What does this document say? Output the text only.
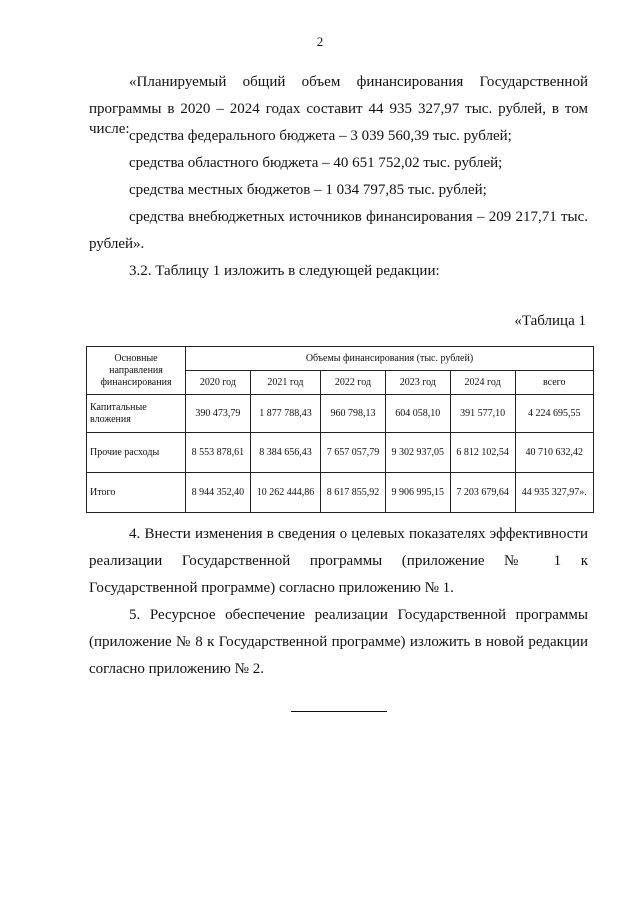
2
«Планируемый общий объем финансирования Государственной
программы в 2020 – 2024 годах составит 44 935 327,97 тыс. рублей, в том числе: средства федерального бюджета – 3 039 560,39 тыс. рублей;
средства областного бюджета – 40 651 752,02 тыс. рублей;
средства местных бюджетов – 1 034 797,85 тыс. рублей;
средства внебюджетных источников финансирования – 209 217,71 тыс.
рублей».
3.2. Таблицу 1 изложить в следующей редакции:
«Таблица 1
Основные направления финансирования	Объемы финансирования (тыс. рублей)					
	2020 год	2021 год	2022 год	2023 год	2024 год	всего
Капитальные вложения	390 473,79	1 877 788,43	960 798,13	604 058,10	391 577,10	4 224 695,55
Прочие расходы	8 553 878,61	8 384 656,43	7 657 057,79	9 302 937,05	6 812 102,54	40 710 632,42
Итого	8 944 352,40	10 262 444,86	8 617 855,92	9 906 995,15	7 203 679,64	44 935 327,97».
4. Внести изменения в сведения о целевых показателях эффективности
реализации Государственной программы (приложение № 1 к
Государственной программе) согласно приложению № 1.
5. Ресурсное обеспечение реализации Государственной программы
(приложение № 8 к Государственной программе) изложить в новой редакции
согласно приложению № 2.
